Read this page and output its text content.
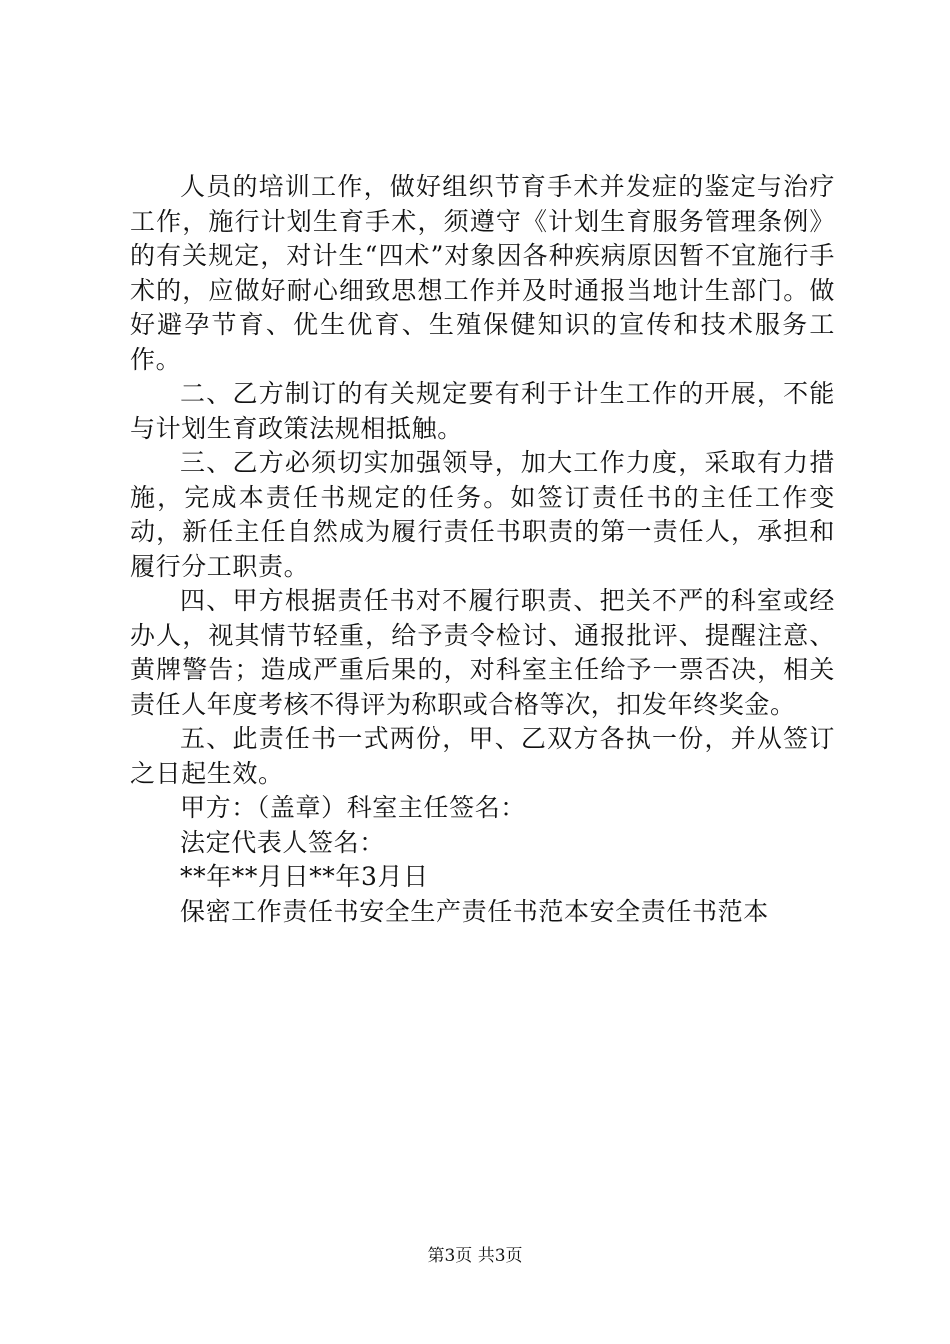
人员的培训工作，做好组织节育手术并发症的鉴定与治疗工作，施行计划生育手术，须遵守《计划生育服务管理条例》的有关规定，对计生“四术”对象因各种疾病原因暂不宜施行手术的，应做好耐心细致思想工作并及时通报当地计生部门。做好避孕节育、优生优育、生殖保健知识的宣传和技术服务工作。

二、乙方制订的有关规定要有利于计生工作的开展，不能与计划生育政策法规相抵触。

三、乙方必须切实加强领导，加大工作力度，采取有力措施，完成本责任书规定的任务。如签订责任书的主任工作变动，新任主任自然成为履行责任书职责的第一责任人，承担和履行分工职责。

四、甲方根据责任书对不履行职责、把关不严的科室或经办人，视其情节轻重，给予责令检讨、通报批评、提醒注意、黄牌警告；造成严重后果的，对科室主任给予一票否决，相关责任人年度考核不得评为称职或合格等次，扣发年终奖金。

五、此责任书一式两份，甲、乙双方各执一份，并从签订之日起生效。

甲方：（盖章）科室主任签名：

法定代表人签名：

**年**月日**年3月日

保密工作责任书安全生产责任书范本安全责任书范本

第3页 共3页
